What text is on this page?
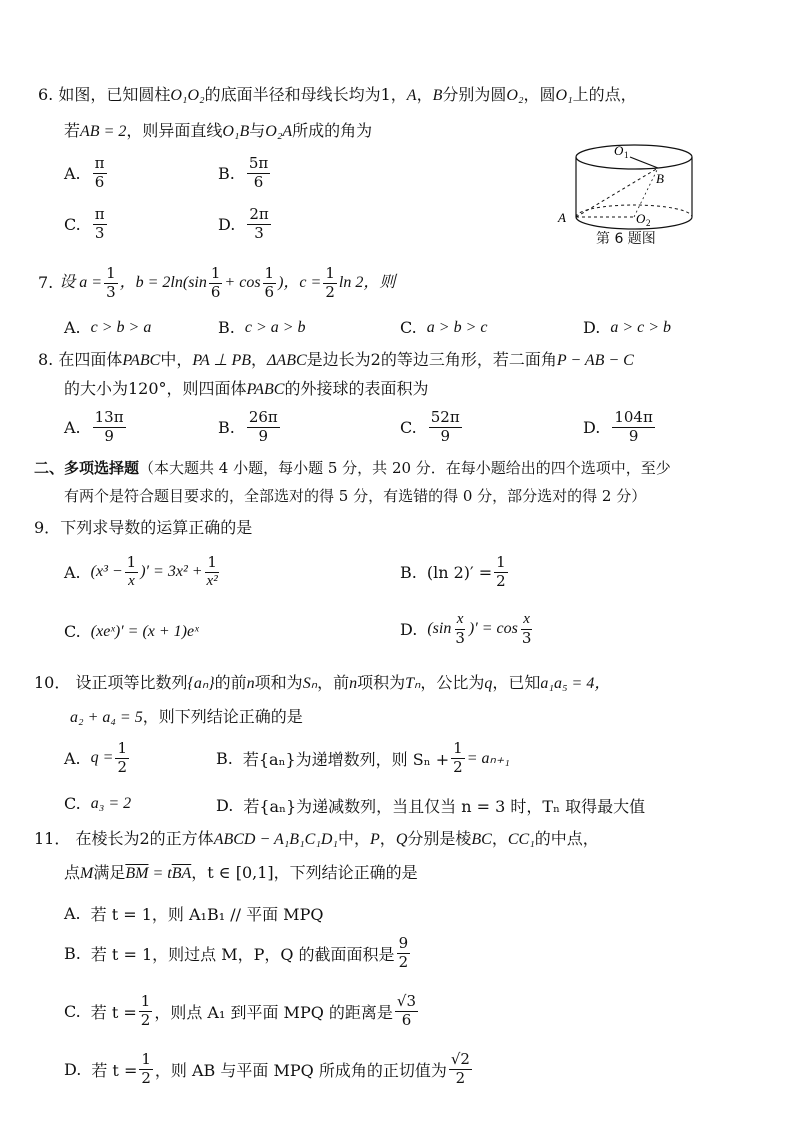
6. 如图，已知圆柱O₁O₂的底面半径和母线长均为1，A，B分别为圆O₂，圆O₁上的点，
若AB = 2，则异面直线O₁B与O₂A所成的角为
A. $\frac{\pi}{6}$	B. $\frac{5\pi}{6}$
C. $\frac{\pi}{3}$	D. $\frac{2\pi}{3}$
O 1
B
A	O 2
第 6 题图
7. 设 $a = \frac{1}{3}$ ，$b = 2\ln(\sin \frac{1}{6} + \cos \frac{1}{6}$ )，$c = \frac{1}{2}$ ln 2，则
A. c > b > a	B. c > a > b	C. a > b > c	D. a > c > b
8. 在四面体PABC中，PA ⊥ PB，ΔABC是边长为2的等边三角形，若二面角P − AB − C
的大小为120°，则四面体PABC的外接球的表面积为
A. $\frac{13\pi}{9}$	B. $\frac{26\pi}{9}$	C. $\frac{52\pi}{9}$	D. $\frac{104\pi}{9}$
二、多项选择题（本大题共 4 小题，每小题 5 分，共 20 分．在每小题给出的四个选项中，至少
有两个是符合题目要求的，全部选对的得 5 分，有选错的得 0 分，部分选对的得 2 分）
9．下列求导数的运算正确的是
A. ($x^3 - \frac{1}{x}$ )′ = $3x^2 + \frac{1}{\text{x²}}$	B. (ln $2)' = \frac{1}{2}$
C. (xeˣ)′ = (x + 1)eˣ	D. ($\sin \frac{x}{3}$ )′ = $\cos \frac{x}{3}$
10． 设正项等比数列{aₙ}的前n项和为Sₙ，前n项积为Tₙ，公比为q，已知a₁a₅ = 4，
a₂ + a₄ = 5，则下列结论正确的是
A. $q = \frac{1}{2}$	B. 若{aₙ}为递增数列，则 $S_n + \frac{1}{2} = a_{n+1}$
C. a₃ = 2	D. 若{aₙ}为递减数列，当且仅当 n = 3 时，Tₙ 取得最大值
11． 在棱长为2的正方体ABCD − A₁B₁C₁D₁中，P，Q分别是棱BC，CC₁的中点，
点M满足$\overline{BM} = t\overline{BA}$，t ∈ [0,1]，下列结论正确的是
A. 若 t = 1，则 A₁B₁ // 平面 MPQ
B. 若 t = 1，则过点 M，P，Q 的截面面积是 $\frac{9}{2}$
C. 若 $t = \frac{1}{2}$ ，则点 A₁ 到平面 MPQ 的距离是 $\frac{√3}{6}$
D. 若 $t = \frac{1}{2}$ ，则 AB 与平面 MPQ 所成角的正切值为 $\frac{√2}{2}$
